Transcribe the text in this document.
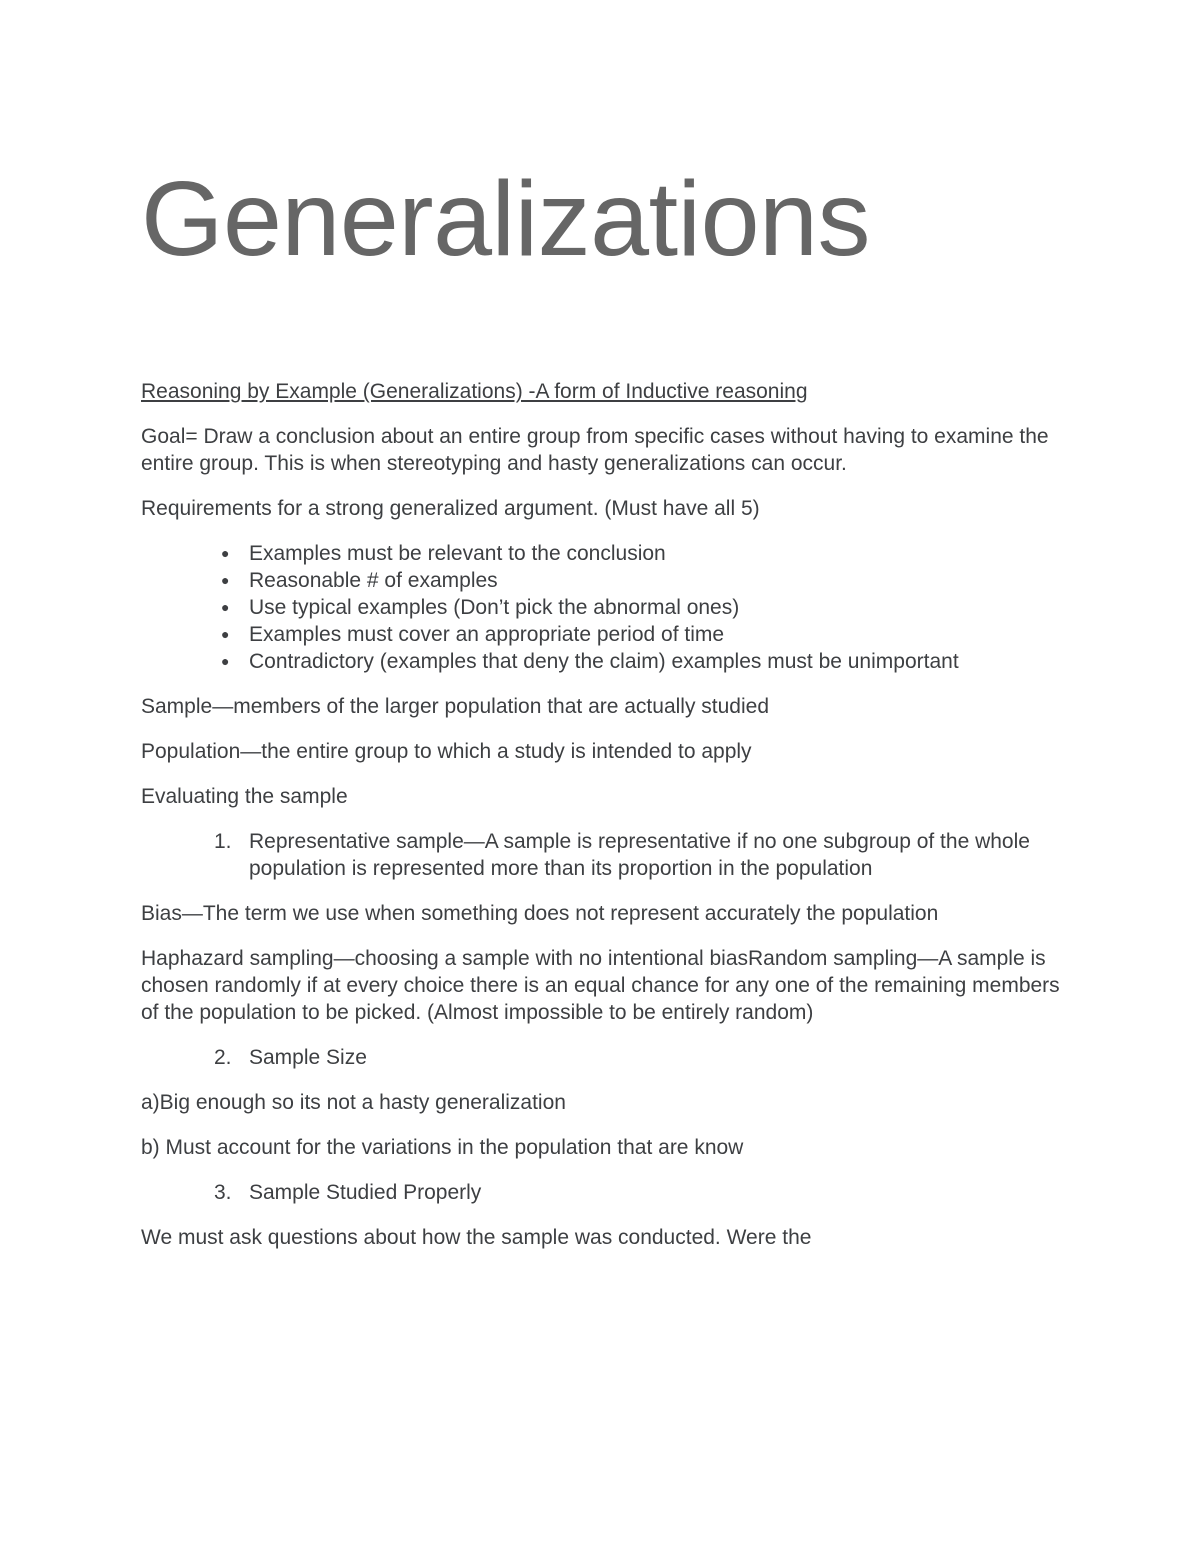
Generalizations

Reasoning by Example (Generalizations) -A form of Inductive reasoning

Goal= Draw a conclusion about an entire group from specific cases without having to examine the entire group. This is when stereotyping and hasty generalizations can occur.

Requirements for a strong generalized argument. (Must have all 5)

● Examples must be relevant to the conclusion
● Reasonable # of examples
● Use typical examples (Don’t pick the abnormal ones)
● Examples must cover an appropriate period of time
● Contradictory (examples that deny the claim) examples must be unimportant

Sample—members of the larger population that are actually studied

Population—the entire group to which a study is intended to apply

Evaluating the sample

1. Representative sample—A sample is representative if no one subgroup of the whole population is represented more than its proportion in the population

Bias—The term we use when something does not represent accurately the population

Haphazard sampling—choosing a sample with no intentional biasRandom sampling—A sample is chosen randomly if at every choice there is an equal chance for any one of the remaining members of the population to be picked. (Almost impossible to be entirely random)

2. Sample Size

a)Big enough so its not a hasty generalization

b) Must account for the variations in the population that are know

3. Sample Studied Properly

We must ask questions about how the sample was conducted. Were the
